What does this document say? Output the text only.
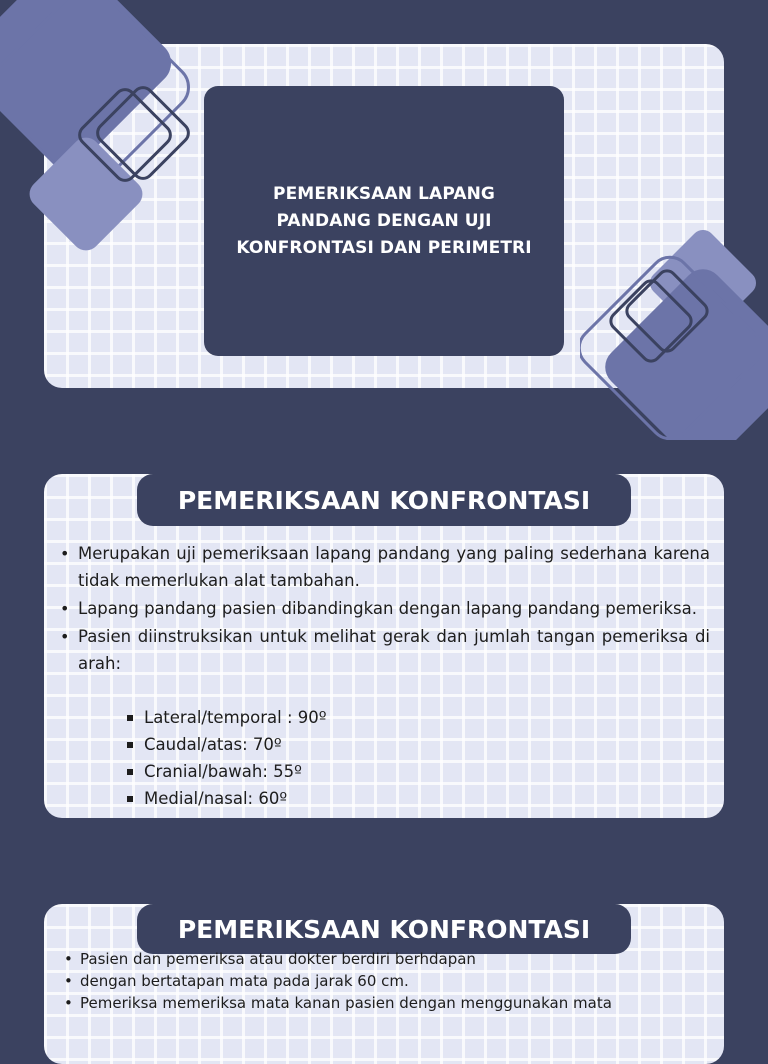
PEMERIKSAAN LAPANG PANDANG DENGAN UJI KONFRONTASI DAN PERIMETRI

PEMERIKSAAN KONFRONTASI
• Merupakan uji pemeriksaan lapang pandang yang paling sederhana karena tidak memerlukan alat tambahan.
• Lapang pandang pasien dibandingkan dengan lapang pandang pemeriksa.
• Pasien diinstruksikan untuk melihat gerak dan jumlah tangan pemeriksa di arah:
Lateral/temporal : 90º
Caudal/atas: 70º
Cranial/bawah: 55º
Medial/nasal: 60º
PEMERIKSAAN KONFRONTASI
• Pasien dan pemeriksa atau dokter berdiri berhdapan
• dengan bertatapan mata pada jarak 60 cm.
• Pemeriksa memeriksa mata kanan pasien dengan menggunakan mata
